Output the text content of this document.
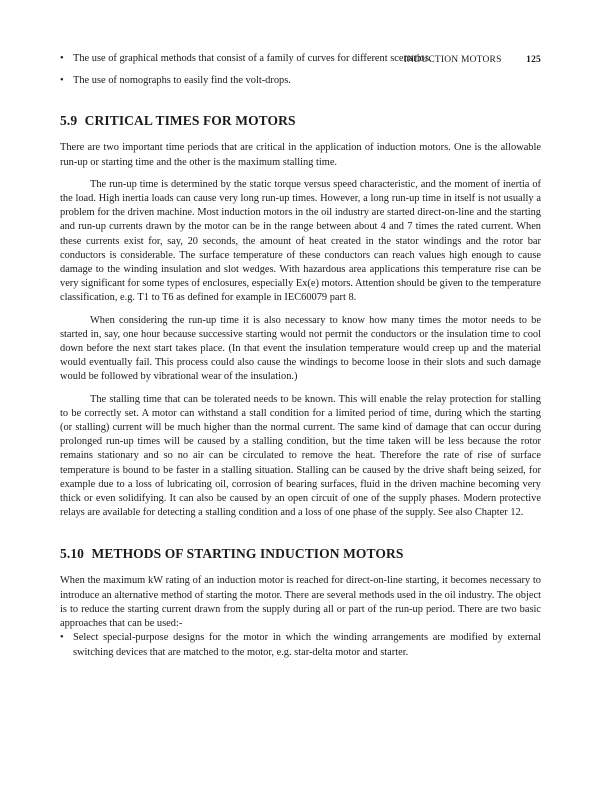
INDUCTION MOTORS	125
• The use of graphical methods that consist of a family of curves for different scenarios.
• The use of nomographs to easily find the volt-drops.
5.9 CRITICAL TIMES FOR MOTORS

There are two important time periods that are critical in the application of induction motors. One is the allowable run-up or starting time and the other is the maximum stalling time.

The run-up time is determined by the static torque versus speed characteristic, and the moment of inertia of the load. High inertia loads can cause very long run-up times. However, a long run-up time in itself is not usually a problem for the driven machine. Most induction motors in the oil industry are started direct-on-line and the starting and run-up currents drawn by the motor can be in the range between about 4 and 7 times the rated current. When these currents exist for, say, 20 seconds, the amount of heat created in the stator windings and the rotor bar conductors is considerable. The surface temperature of these conductors can reach values high enough to cause damage to the winding insulation and slot wedges. With hazardous area applications this temperature rise can be very significant for some types of enclosures, especially Ex(e) motors. Attention should be given to the temperature classification, e.g. T1 to T6 as defined for example in IEC60079 part 8.

When considering the run-up time it is also necessary to know how many times the motor needs to be started in, say, one hour because successive starting would not permit the conductors or the insulation time to cool down before the next start takes place. (In that event the insulation temperature would creep up and the material would eventually fail. This process could also cause the windings to become loose in their slots and such damage would be followed by vibrational wear of the insulation.)

The stalling time that can be tolerated needs to be known. This will enable the relay protection for stalling to be correctly set. A motor can withstand a stall condition for a limited period of time, during which the starting (or stalling) current will be much higher than the normal current. The same kind of damage that can occur during prolonged run-up times will be caused by a stalling condition, but the time taken will be less because the rotor remains stationary and so no air can be circulated to remove the heat. Therefore the rate of rise of surface temperature is bound to be faster in a stalling situation. Stalling can be caused by the drive shaft being seized, for example due to a loss of lubricating oil, corrosion of bearing surfaces, fluid in the driven machine becoming very thick or even solidifying. It can also be caused by an open circuit of one of the supply phases. Modern protective relays are available for detecting a stalling condition and a loss of one phase of the supply. See also Chapter 12.

5.10 METHODS OF STARTING INDUCTION MOTORS

When the maximum kW rating of an induction motor is reached for direct-on-line starting, it becomes necessary to introduce an alternative method of starting the motor. There are several methods used in the oil industry. The object is to reduce the starting current drawn from the supply during all or part of the run-up period. There are two basic approaches that can be used:-

• Select special-purpose designs for the motor in which the winding arrangements are modified by external switching devices that are matched to the motor, e.g. star-delta motor and starter.
